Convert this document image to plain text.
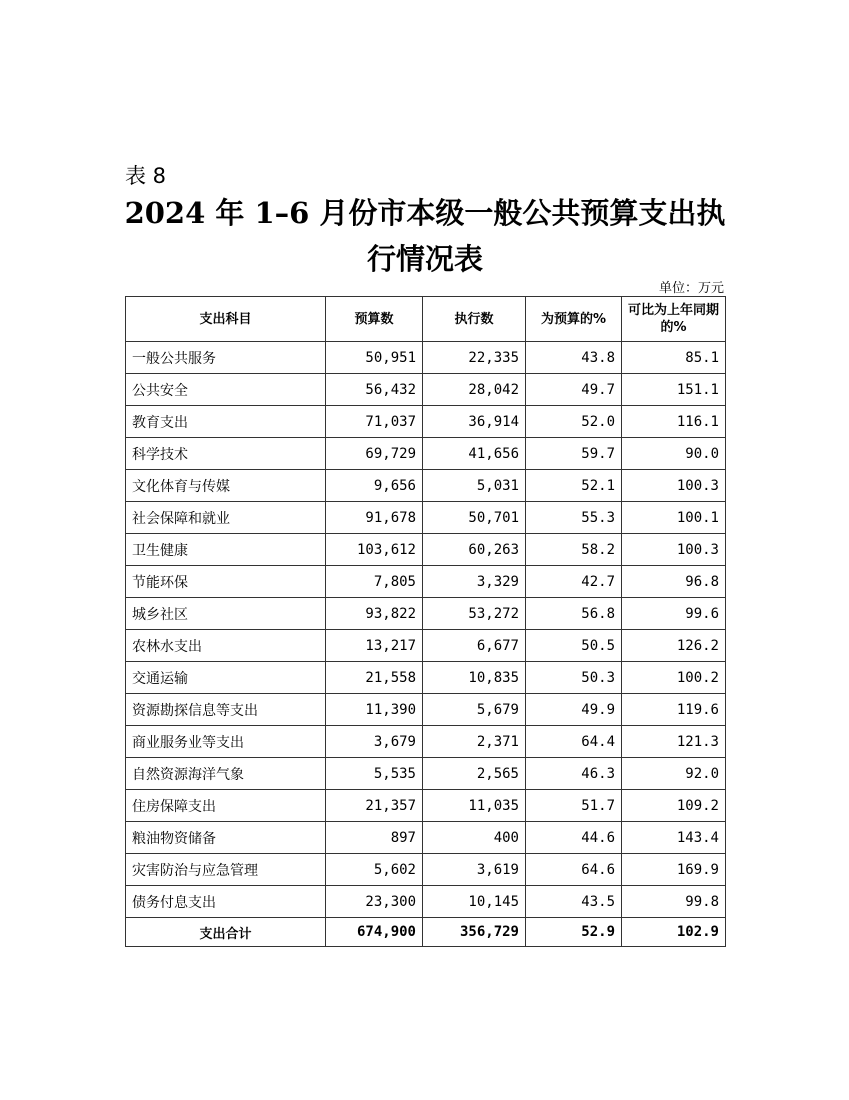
表 8
2024 年 1–6 月份市本级一般公共预算支出执行情况表
单位：万元
支出科目	预算数	执行数	为预算的%	可比为上年同期的%
一般公共服务	50,951	22,335	43.8	85.1
公共安全	56,432	28,042	49.7	151.1
教育支出	71,037	36,914	52.0	116.1
科学技术	69,729	41,656	59.7	90.0
文化体育与传媒	9,656	5,031	52.1	100.3
社会保障和就业	91,678	50,701	55.3	100.1
卫生健康	103,612	60,263	58.2	100.3
节能环保	7,805	3,329	42.7	96.8
城乡社区	93,822	53,272	56.8	99.6
农林水支出	13,217	6,677	50.5	126.2
交通运输	21,558	10,835	50.3	100.2
资源勘探信息等支出	11,390	5,679	49.9	119.6
商业服务业等支出	3,679	2,371	64.4	121.3
自然资源海洋气象	5,535	2,565	46.3	92.0
住房保障支出	21,357	11,035	51.7	109.2
粮油物资储备	897	400	44.6	143.4
灾害防治与应急管理	5,602	3,619	64.6	169.9
债务付息支出	23,300	10,145	43.5	99.8
支出合计	674,900	356,729	52.9	102.9
